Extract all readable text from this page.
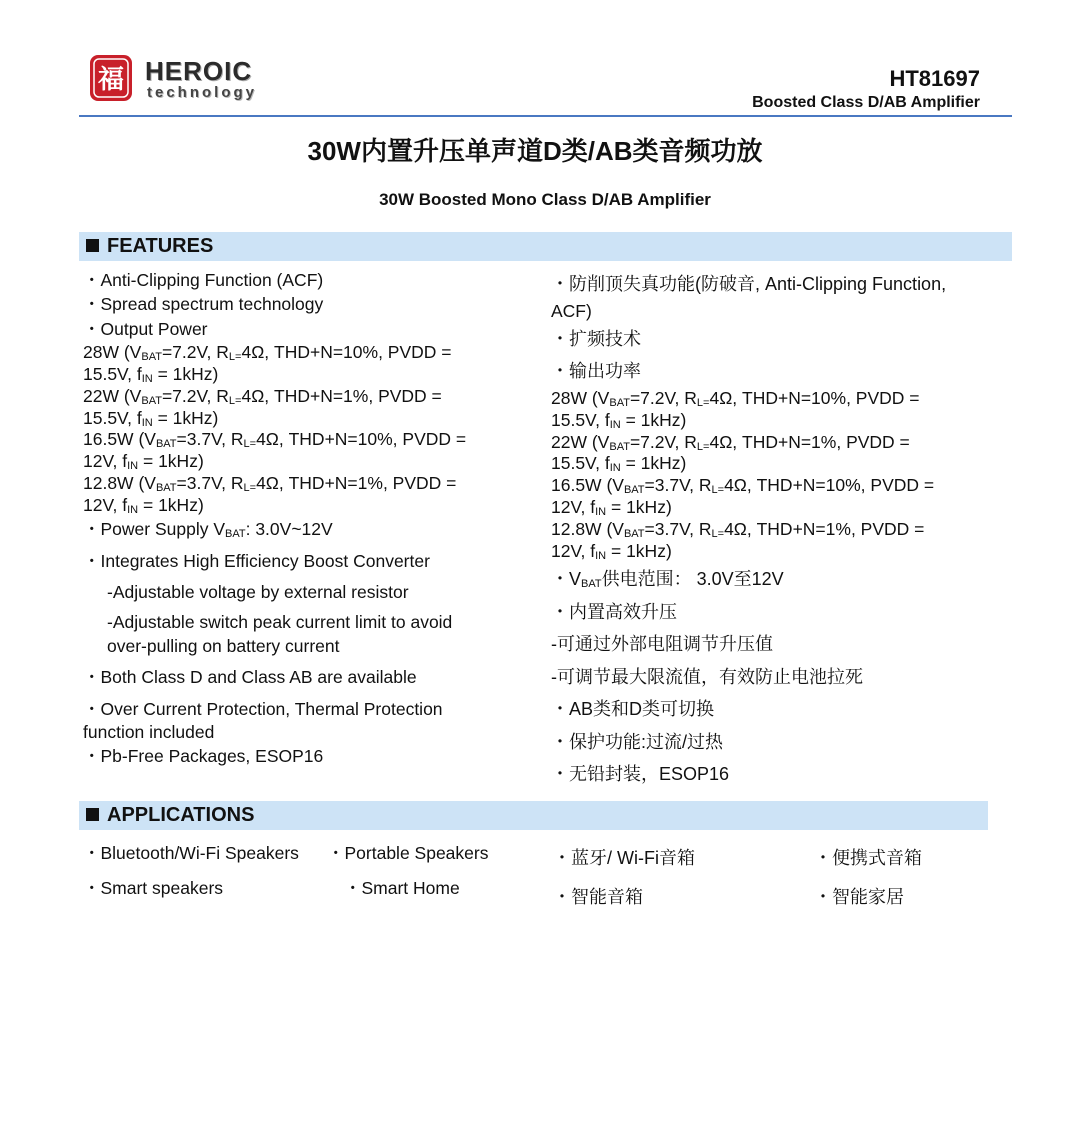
福 HEROIC
technology
HT81697
Boosted Class D/AB Amplifier
30W内置升压单声道D类/AB类音频功放
30W Boosted Mono Class D/AB Amplifier
FEATURES
・Anti-Clipping Function (ACF)
・Spread spectrum technology
・Output Power
28W ($V_{BAT}=7.2V$, $R_{L=}4\Omega$, THD+N=10%, PVDD =
15.5V, $f_{IN} = 1kHz$)
22W ($V_{BAT}=7.2V$, $R_{L=}4\Omega$, THD+N=1%, PVDD =
15.5V, $f_{IN} = 1kHz$)
16.5W ($V_{BAT}=3.7V$, $R_{L=}4\Omega$, THD+N=10%, PVDD =
12V, $f_{IN} = 1kHz$)
12.8W ($V_{BAT}=3.7V$, $R_{L=}4\Omega$, THD+N=1%, PVDD =
12V, $f_{IN} = 1kHz$)
・Power Supply $V_{BAT}$: 3.0V~12V
・Integrates High Efficiency Boost Converter
-Adjustable voltage by external resistor
-Adjustable switch peak current limit to avoid
over-pulling on battery current
・Both Class D and Class AB are available
・Over Current Protection, Thermal Protection
function included
・Pb-Free Packages, ESOP16
・防削顶失真功能(防破音, Anti-Clipping Function,
ACF)
・扩频技术
・输出功率
28W ($V_{BAT}=7.2V$, $R_{L=}4\Omega$, THD+N=10%, PVDD =
15.5V, $f_{IN} = 1kHz$)
22W ($V_{BAT}=7.2V$, $R_{L=}4\Omega$, THD+N=1%, PVDD =
15.5V, $f_{IN} = 1kHz$)
16.5W ($V_{BAT}=3.7V$, $R_{L=}4\Omega$, THD+N=10%, PVDD =
12V, $f_{IN} = 1kHz$)
12.8W ($V_{BAT}=3.7V$, $R_{L=}4\Omega$, THD+N=1%, PVDD =
12V, $f_{IN} = 1kHz$)
・$V_{BAT}$供电范围： 3.0V至12V
・内置高效升压
-可通过外部电阻调节升压值
-可调节最大限流值，有效防止电池拉死
・AB类和D类可切换
・保护功能:过流/过热
・无铅封装，ESOP16
APPLICATIONS
・Bluetooth/Wi-Fi Speakers ・Portable Speakers
・Smart speakers	・Smart Home
・蓝牙/ Wi-Fi音箱	・便携式音箱
・智能音箱	・智能家居
